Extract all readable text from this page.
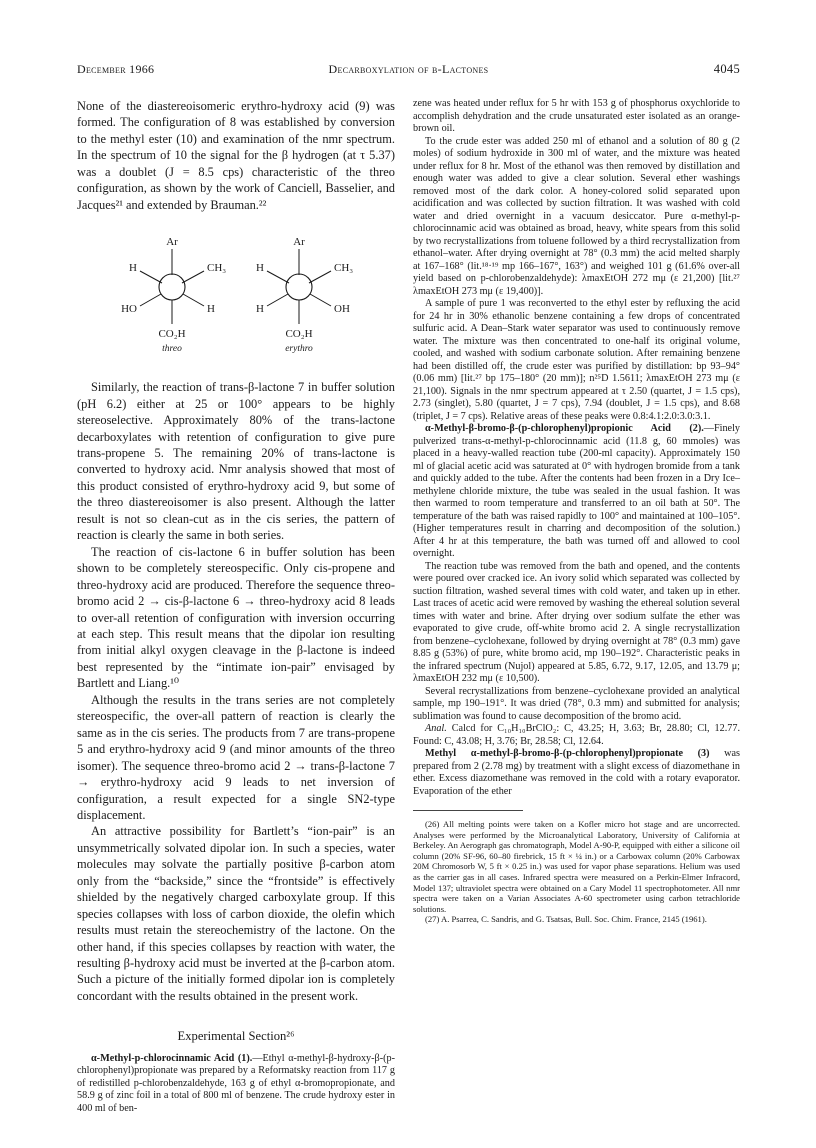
December 1966	Decarboxylation of β-Lactones	4045

None of the diastereoisomeric erythro-hydroxy acid (9) was formed. The configuration of 8 was established by conversion to the methyl ester (10) and examination of the nmr spectrum. In the spectrum of 10 the signal for the β hydrogen (at τ 5.37) was a doublet (J = 8.5 cps) characteristic of the threo configuration, as shown by the work of Canciell, Basselier, and Jacques²¹ and extended by Brauman.²²

Ar
H	CH₃
HO	H
CO₂H
threo
Ar
H	CH₃
H	OH
CO₂H
erythro

Similarly, the reaction of trans-β-lactone 7 in buffer solution (pH 6.2) either at 25 or 100° appears to be highly stereoselective. Approximately 80% of the trans-lactone decarboxylates with retention of configuration to give pure trans-propene 5. The remaining 20% of trans-lactone is converted to hydroxy acid. Nmr analysis showed that most of this product consisted of erythro-hydroxy acid 9, but some of the threo diastereoisomer is also present. Although the latter result is not so clean-cut as in the cis series, the pattern of reaction is clearly the same in both series.

The reaction of cis-lactone 6 in buffer solution has been shown to be completely stereospecific. Only cis-propene and threo-hydroxy acid are produced. Therefore the sequence threo-bromo acid 2 → cis-β-lactone 6 → threo-hydroxy acid 8 leads to over-all retention of configuration with inversion occurring at each step. This result means that the dipolar ion resulting from initial alkyl oxygen cleavage in the β-lactone is indeed best represented by the “intimate ion-pair” envisaged by Bartlett and Liang.¹⁰

Although the results in the trans series are not completely stereospecific, the over-all pattern of reaction is clearly the same as in the cis series. The products from 7 are trans-propene 5 and erythro-hydroxy acid 9 (and minor amounts of the threo isomer). The sequence threo-bromo acid 2 → trans-β-lactone 7 → erythro-hydroxy acid 9 leads to net inversion of configuration, a result expected for a single SN2-type displacement.

An attractive possibility for Bartlett’s “ion-pair” is an unsymmetrically solvated dipolar ion. In such a species, water molecules may solvate the partially positive β-carbon atom only from the “backside,” since the “frontside” is effectively shielded by the negatively charged carboxylate group. If this species collapses with loss of carbon dioxide, the olefin which results must retain the stereochemistry of the lactone. On the other hand, if this species collapses by reaction with water, the resulting β-hydroxy acid must be inverted at the β-carbon atom. Such a picture of the initially formed dipolar ion is completely concordant with the results obtained in the present work.

Experimental Section²⁶

α-Methyl-p-chlorocinnamic Acid (1).—Ethyl α-methyl-β-hydroxy-β-(p-chlorophenyl)propionate was prepared by a Reformatsky reaction from 117 g of redistilled p-chlorobenzaldehyde, 163 g of ethyl α-bromopropionate, and 58.9 g of zinc foil in a total of 800 ml of benzene. The crude hydroxy ester in 400 ml of ben-

zene was heated under reflux for 5 hr with 153 g of phosphorus oxychloride to accomplish dehydration and the crude unsaturated ester isolated as an orange-brown oil.

To the crude ester was added 250 ml of ethanol and a solution of 80 g (2 moles) of sodium hydroxide in 300 ml of water, and the mixture was heated under reflux for 8 hr. Most of the ethanol was then removed by distillation and enough water was added to give a clear solution. Several ether washings removed most of the dark color. A honey-colored solid separated upon acidification and was collected by suction filtration. It was washed with cold water and dried overnight in a vacuum desiccator. Pure α-methyl-p-chlorocinnamic acid was obtained as broad, heavy, white spears from this solid by two recrystallizations from toluene followed by a third recrystallization from ethanol–water. After drying overnight at 78° (0.3 mm) the acid melted sharply at 167–168° (lit.¹⁸·¹⁹ mp 166–167°, 163°) and weighed 101 g (61.6% over-all yield based on p-chlorobenzaldehyde): λmaxEtOH 272 mμ (ε 21,200) [lit.²⁷ λmaxEtOH 273 mμ (ε 19,400)].

A sample of pure 1 was reconverted to the ethyl ester by refluxing the acid for 24 hr in 30% ethanolic benzene containing a few drops of concentrated sulfuric acid. A Dean–Stark water separator was used to continuously remove water. The mixture was then concentrated to one-half its original volume, cooled, and washed with sodium carbonate solution. After remaining benzene had been distilled off, the crude ester was purified by distillation: bp 93–94° (0.06 mm) [lit.²⁷ bp 175–180° (20 mm)]; n²⁵D 1.5611; λmaxEtOH 273 mμ (ε 21,100). Signals in the nmr spectrum appeared at τ 2.50 (quartet, J = 1.5 cps), 2.73 (singlet), 5.80 (quartet, J = 7 cps), 7.94 (doublet, J = 1.5 cps), and 8.68 (triplet, J = 7 cps). Relative areas of these peaks were 0.8:4.1:2.0:3.0:3.1.

α-Methyl-β-bromo-β-(p-chlorophenyl)propionic Acid (2).—Finely pulverized trans-α-methyl-p-chlorocinnamic acid (11.8 g, 60 mmoles) was placed in a heavy-walled reaction tube (200-ml capacity). Approximately 150 ml of glacial acetic acid was saturated at 0° with hydrogen bromide from a tank and quickly added to the tube. After the contents had been frozen in a Dry Ice–methylene chloride mixture, the tube was sealed in the usual fashion. It was then warmed to room temperature and transferred to an oil bath at 50°. The temperature of the bath was raised rapidly to 100° and maintained at 100–105°. (Higher temperatures result in charring and decomposition of the solution.) After 4 hr at this temperature, the bath was turned off and allowed to cool overnight.

The reaction tube was removed from the bath and opened, and the contents were poured over cracked ice. An ivory solid which separated was collected by suction filtration, washed several times with cold water, and taken up in ether. Last traces of acetic acid were removed by washing the ethereal solution several times with water and brine. After drying over sodium sulfate the ether was evaporated to give crude, off-white bromo acid 2. A single recrystallization from benzene–cyclohexane, followed by drying overnight at 78° (0.3 mm) gave 8.85 g (53%) of pure, white bromo acid, mp 190–192°. Characteristic peaks in the infrared spectrum (Nujol) appeared at 5.85, 6.72, 9.17, 12.05, and 13.79 μ; λmaxEtOH 232 mμ (ε 10,500).

Several recrystallizations from benzene–cyclohexane provided an analytical sample, mp 190–191°. It was dried (78°, 0.3 mm) and submitted for analysis; sublimation was found to cause decomposition of the bromo acid.

Anal. Calcd for C₁₀H₁₀BrClO₂: C, 43.25; H, 3.63; Br, 28.80; Cl, 12.77. Found: C, 43.08; H, 3.76; Br, 28.58; Cl, 12.64.

Methyl α-methyl-β-bromo-β-(p-chlorophenyl)propionate (3) was prepared from 2 (2.78 mg) by treatment with a slight excess of diazomethane in ether. Excess diazomethane was removed in the cold with a rotary evaporator. Evaporation of the ether

(26) All melting points were taken on a Kofler micro hot stage and are uncorrected. Analyses were performed by the Microanalytical Laboratory, University of California at Berkeley. An Aerograph gas chromatograph, Model A-90-P, equipped with either a silicone oil column (20% SF-96, 60–80 firebrick, 15 ft × ¼ in.) or a Carbowax column (20% Carbowax 20M Chromosorb W, 5 ft × 0.25 in.) was used for vapor phase separations. Helium was used as the carrier gas in all cases. Infrared spectra were measured on a Perkin-Elmer Infracord, Model 137; ultraviolet spectra were obtained on a Cary Model 11 spectrophotometer. All nmr spectra were taken on a Varian Associates A-60 spectrometer using carbon tetrachloride solutions.

(27) A. Psarrea, C. Sandris, and G. Tsatsas, Bull. Soc. Chim. France, 2145 (1961).
